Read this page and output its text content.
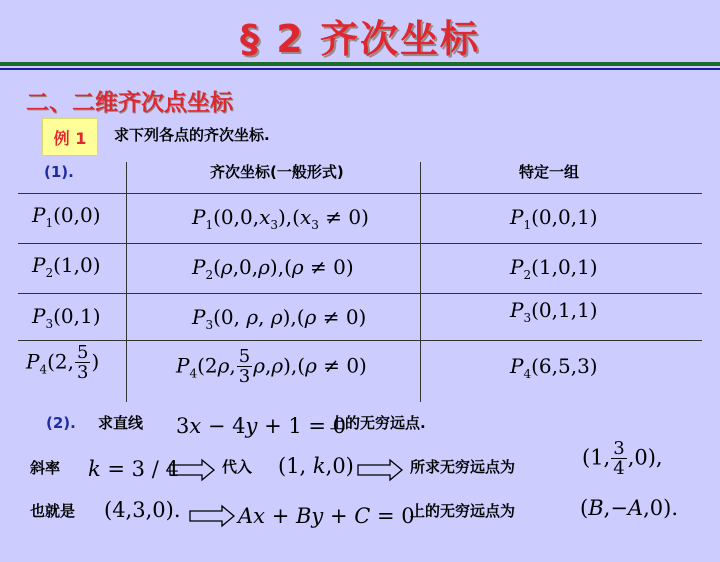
§ 2 齐次坐标
二、二维齐次点坐标
例 1	求下列各点的齐次坐标.
(1).	齐次坐标(一般形式)	特定一组
$P_1(0,0)$	$P_1(0,0,x_3),(x_3 \ne 0)$	$P_1(0,0,1)$
$P_2(1,0)$	$P_2(\rho,0,\rho),(\rho \ne 0)$	$P_2(1,0,1)$
$P_3(0,1)$	$P_3(0$, ρ, ρ),(ρ ≠ 0)	$P_3(0,1,1)$
$P_4(2$, $\frac{5}{3}$ )	$P_4(2\rho$, $\frac{5}{3} \rho,\rho),(\rho \ne 0)$	$P_4(6,5,3)$
(2). 求直线 3x − 4y + 1 = 0
上的无穷远点.
斜率 k = 3 / 4	代入 (1, k,0)	所求无穷远点为	(1, $\frac{3}{4} ,0$),
也就是 (4,3,0).	Ax + By + C = 0
上的无穷远点为	(B,−A,0).
